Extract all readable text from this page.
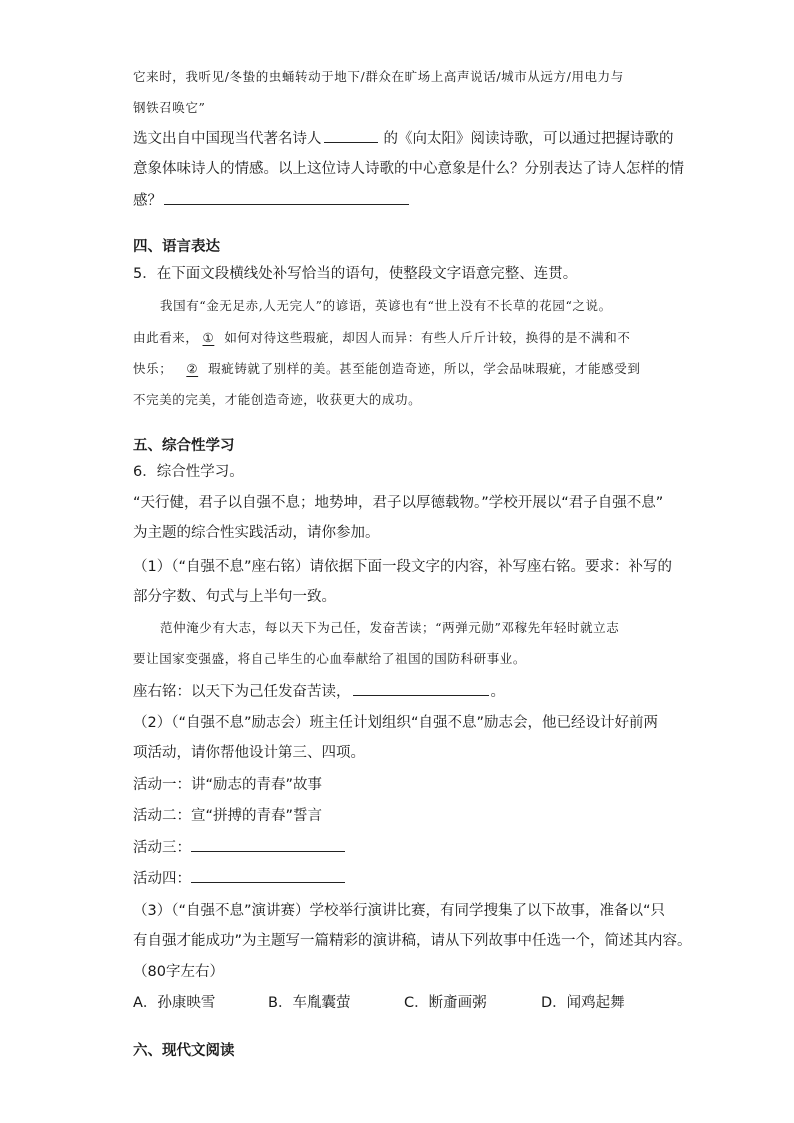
它来时，我听见/冬蛰的虫蛹转动于地下/群众在旷场上高声说话/城市从远方/用电力与
钢铁召唤它”
选文出自中国现当代著名诗人	的《向太阳》阅读诗歌，可以通过把握诗歌的
意象体味诗人的情感。以上这位诗人诗歌的中心意象是什么？分别表达了诗人怎样的情
感？
四、语言表达
5．在下面文段横线处补写恰当的语句，使整段文字语意完整、连贯。
我国有“金无足赤,人无完人”的谚语，英谚也有“世上没有不长草的花园“之说。
由此看来， ① 如何对待这些瑕疵，却因人而异：有些人斤斤计较，换得的是不满和不
快乐； ② 瑕疵铸就了别样的美。甚至能创造奇迹，所以，学会品味瑕疵，才能感受到
不完美的完美，才能创造奇迹，收获更大的成功。
五、综合性学习
6．综合性学习。
“天行健，君子以自强不息；地势坤，君子以厚德载物。”学校开展以“君子自强不息”
为主题的综合性实践活动，请你参加。
（1）（“自强不息”座右铭）请依据下面一段文字的内容，补写座右铭。要求：补写的
部分字数、句式与上半句一致。
范仲淹少有大志，每以天下为己任，发奋苦读；“两弹元勋”邓稼先年轻时就立志
要让国家变强盛，将自己毕生的心血奉献给了祖国的国防科研事业。
座右铭：以天下为己任发奋苦读，	。
（2）（“自强不息”励志会）班主任计划组织“自强不息”励志会，他已经设计好前两
项活动，请你帮他设计第三、四项。
活动一：讲“励志的青春”故事
活动二：宣“拼搏的青春”誓言
活动三：
活动四：
（3）（“自强不息”演讲赛）学校举行演讲比赛，有同学搜集了以下故事，准备以“只
有自强才能成功”为主题写一篇精彩的演讲稿，请从下列故事中任选一个，简述其内容。
（80字左右）
A．孙康映雪	B．车胤囊萤	C．断齑画粥	D．闻鸡起舞
六、现代文阅读
